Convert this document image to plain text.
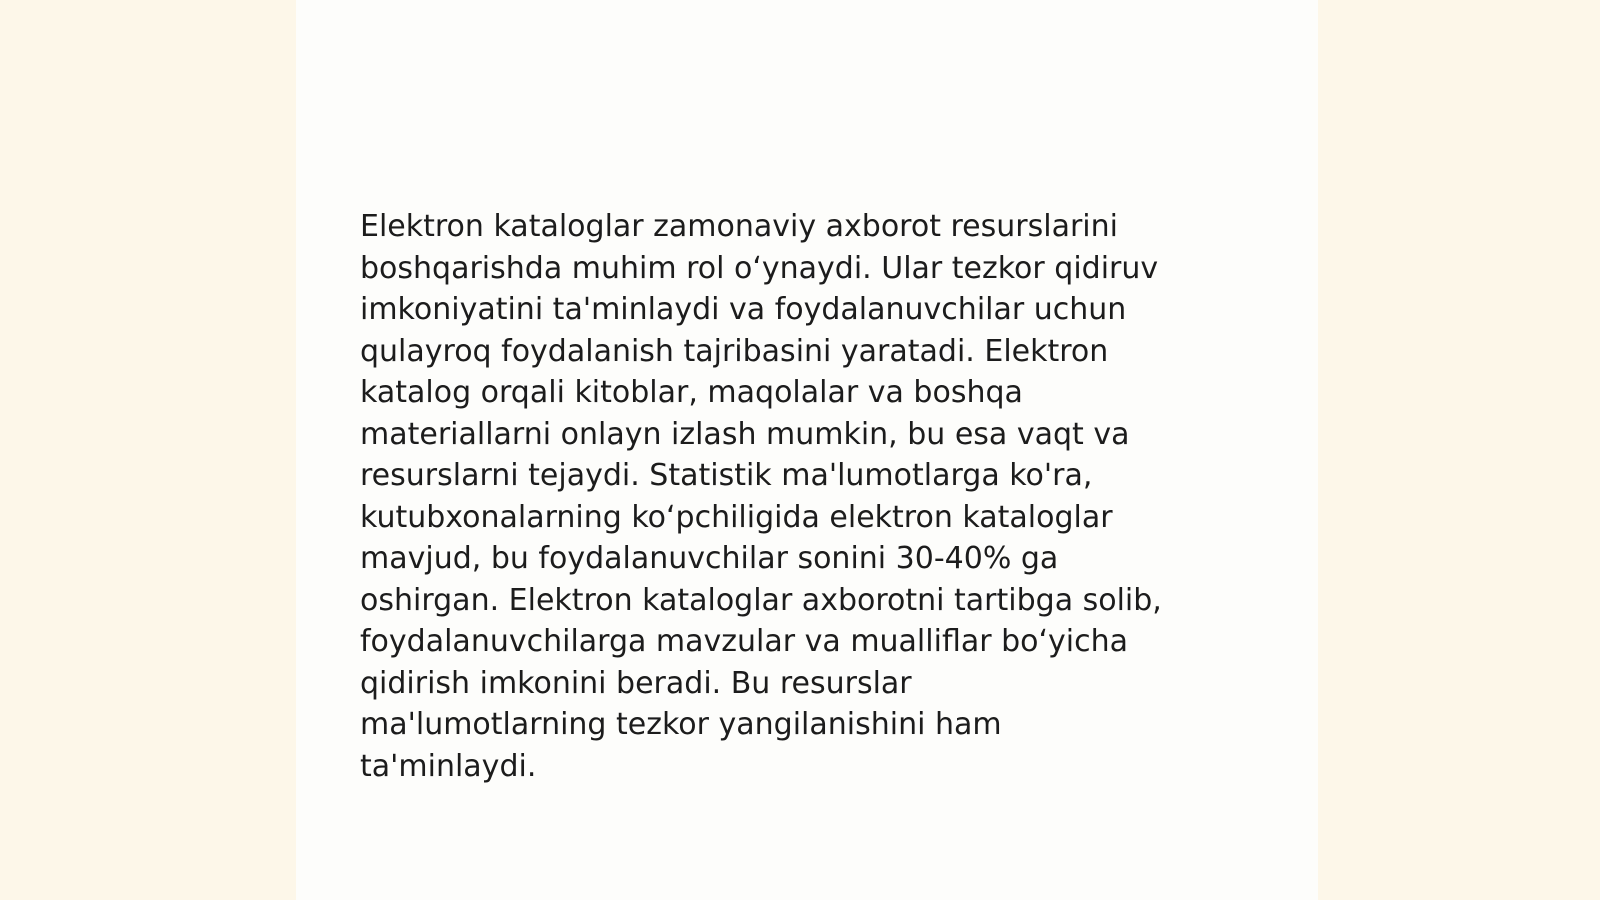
Elektron kataloglar zamonaviy axborot resurslarini
boshqarishda muhim rol o‘ynaydi. Ular tezkor qidiruv
imkoniyatini ta'minlaydi va foydalanuvchilar uchun
qulayroq foydalanish tajribasini yaratadi. Elektron
katalog orqali kitoblar, maqolalar va boshqa
materiallarni onlayn izlash mumkin, bu esa vaqt va
resurslarni tejaydi. Statistik ma'lumotlarga ko'ra,
kutubxonalarning ko‘pchiligida elektron kataloglar
mavjud, bu foydalanuvchilar sonini 30-40% ga
oshirgan. Elektron kataloglar axborotni tartibga solib,
foydalanuvchilarga mavzular va mualliflar bo‘yicha
qidirish imkonini beradi. Bu resurslar
ma'lumotlarning tezkor yangilanishini ham
ta'minlaydi.
